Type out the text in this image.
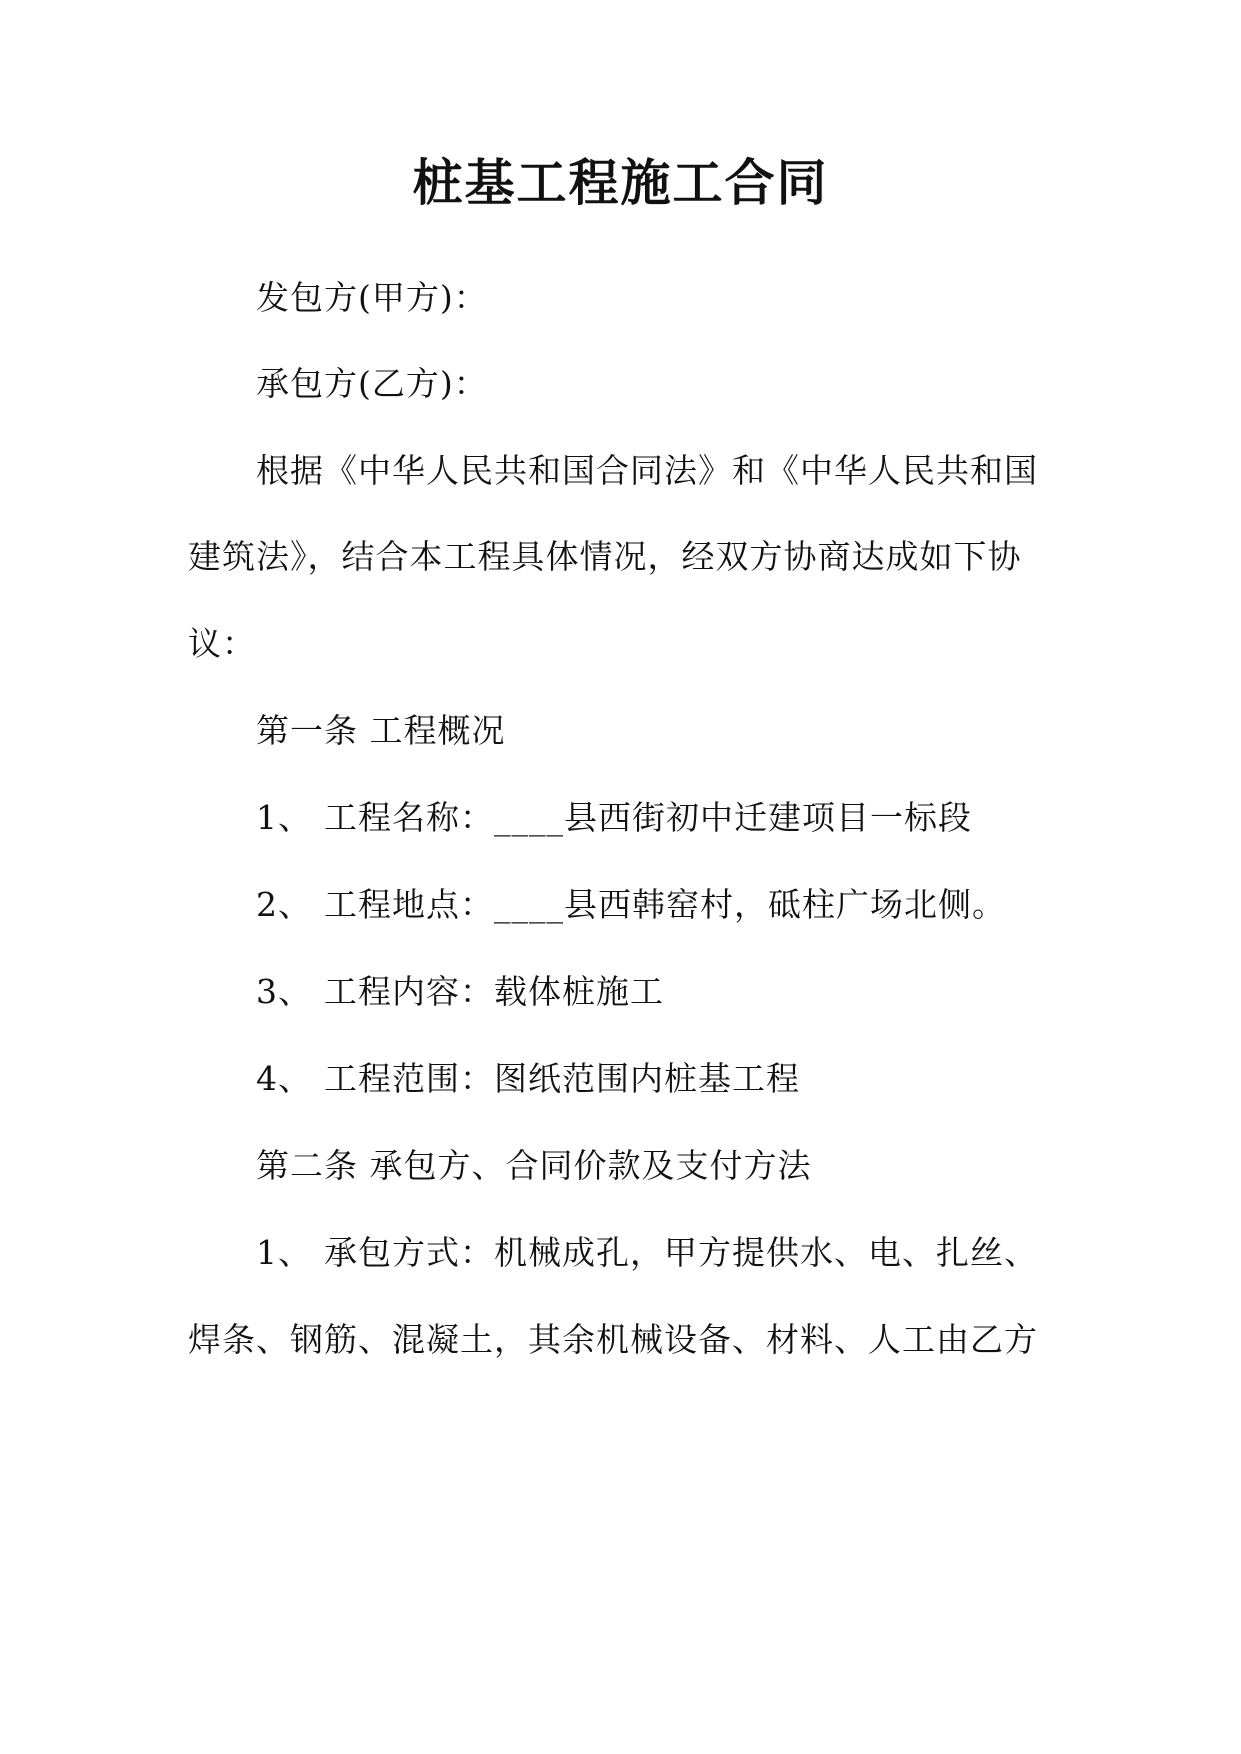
桩基工程施工合同

发包方(甲方)：

承包方(乙方)：

根据《中华人民共和国合同法》和《中华人民共和国

建筑法》，结合本工程具体情况，经双方协商达成如下协

议：

第一条 工程概况

1、 工程名称：____县西街初中迁建项目一标段

2、 工程地点：____县西韩窑村，砥柱广场北侧。

3、 工程内容：载体桩施工

4、 工程范围：图纸范围内桩基工程

第二条 承包方、合同价款及支付方法

1、 承包方式：机械成孔，甲方提供水、电、扎丝、

焊条、钢筋、混凝土，其余机械设备、材料、人工由乙方
